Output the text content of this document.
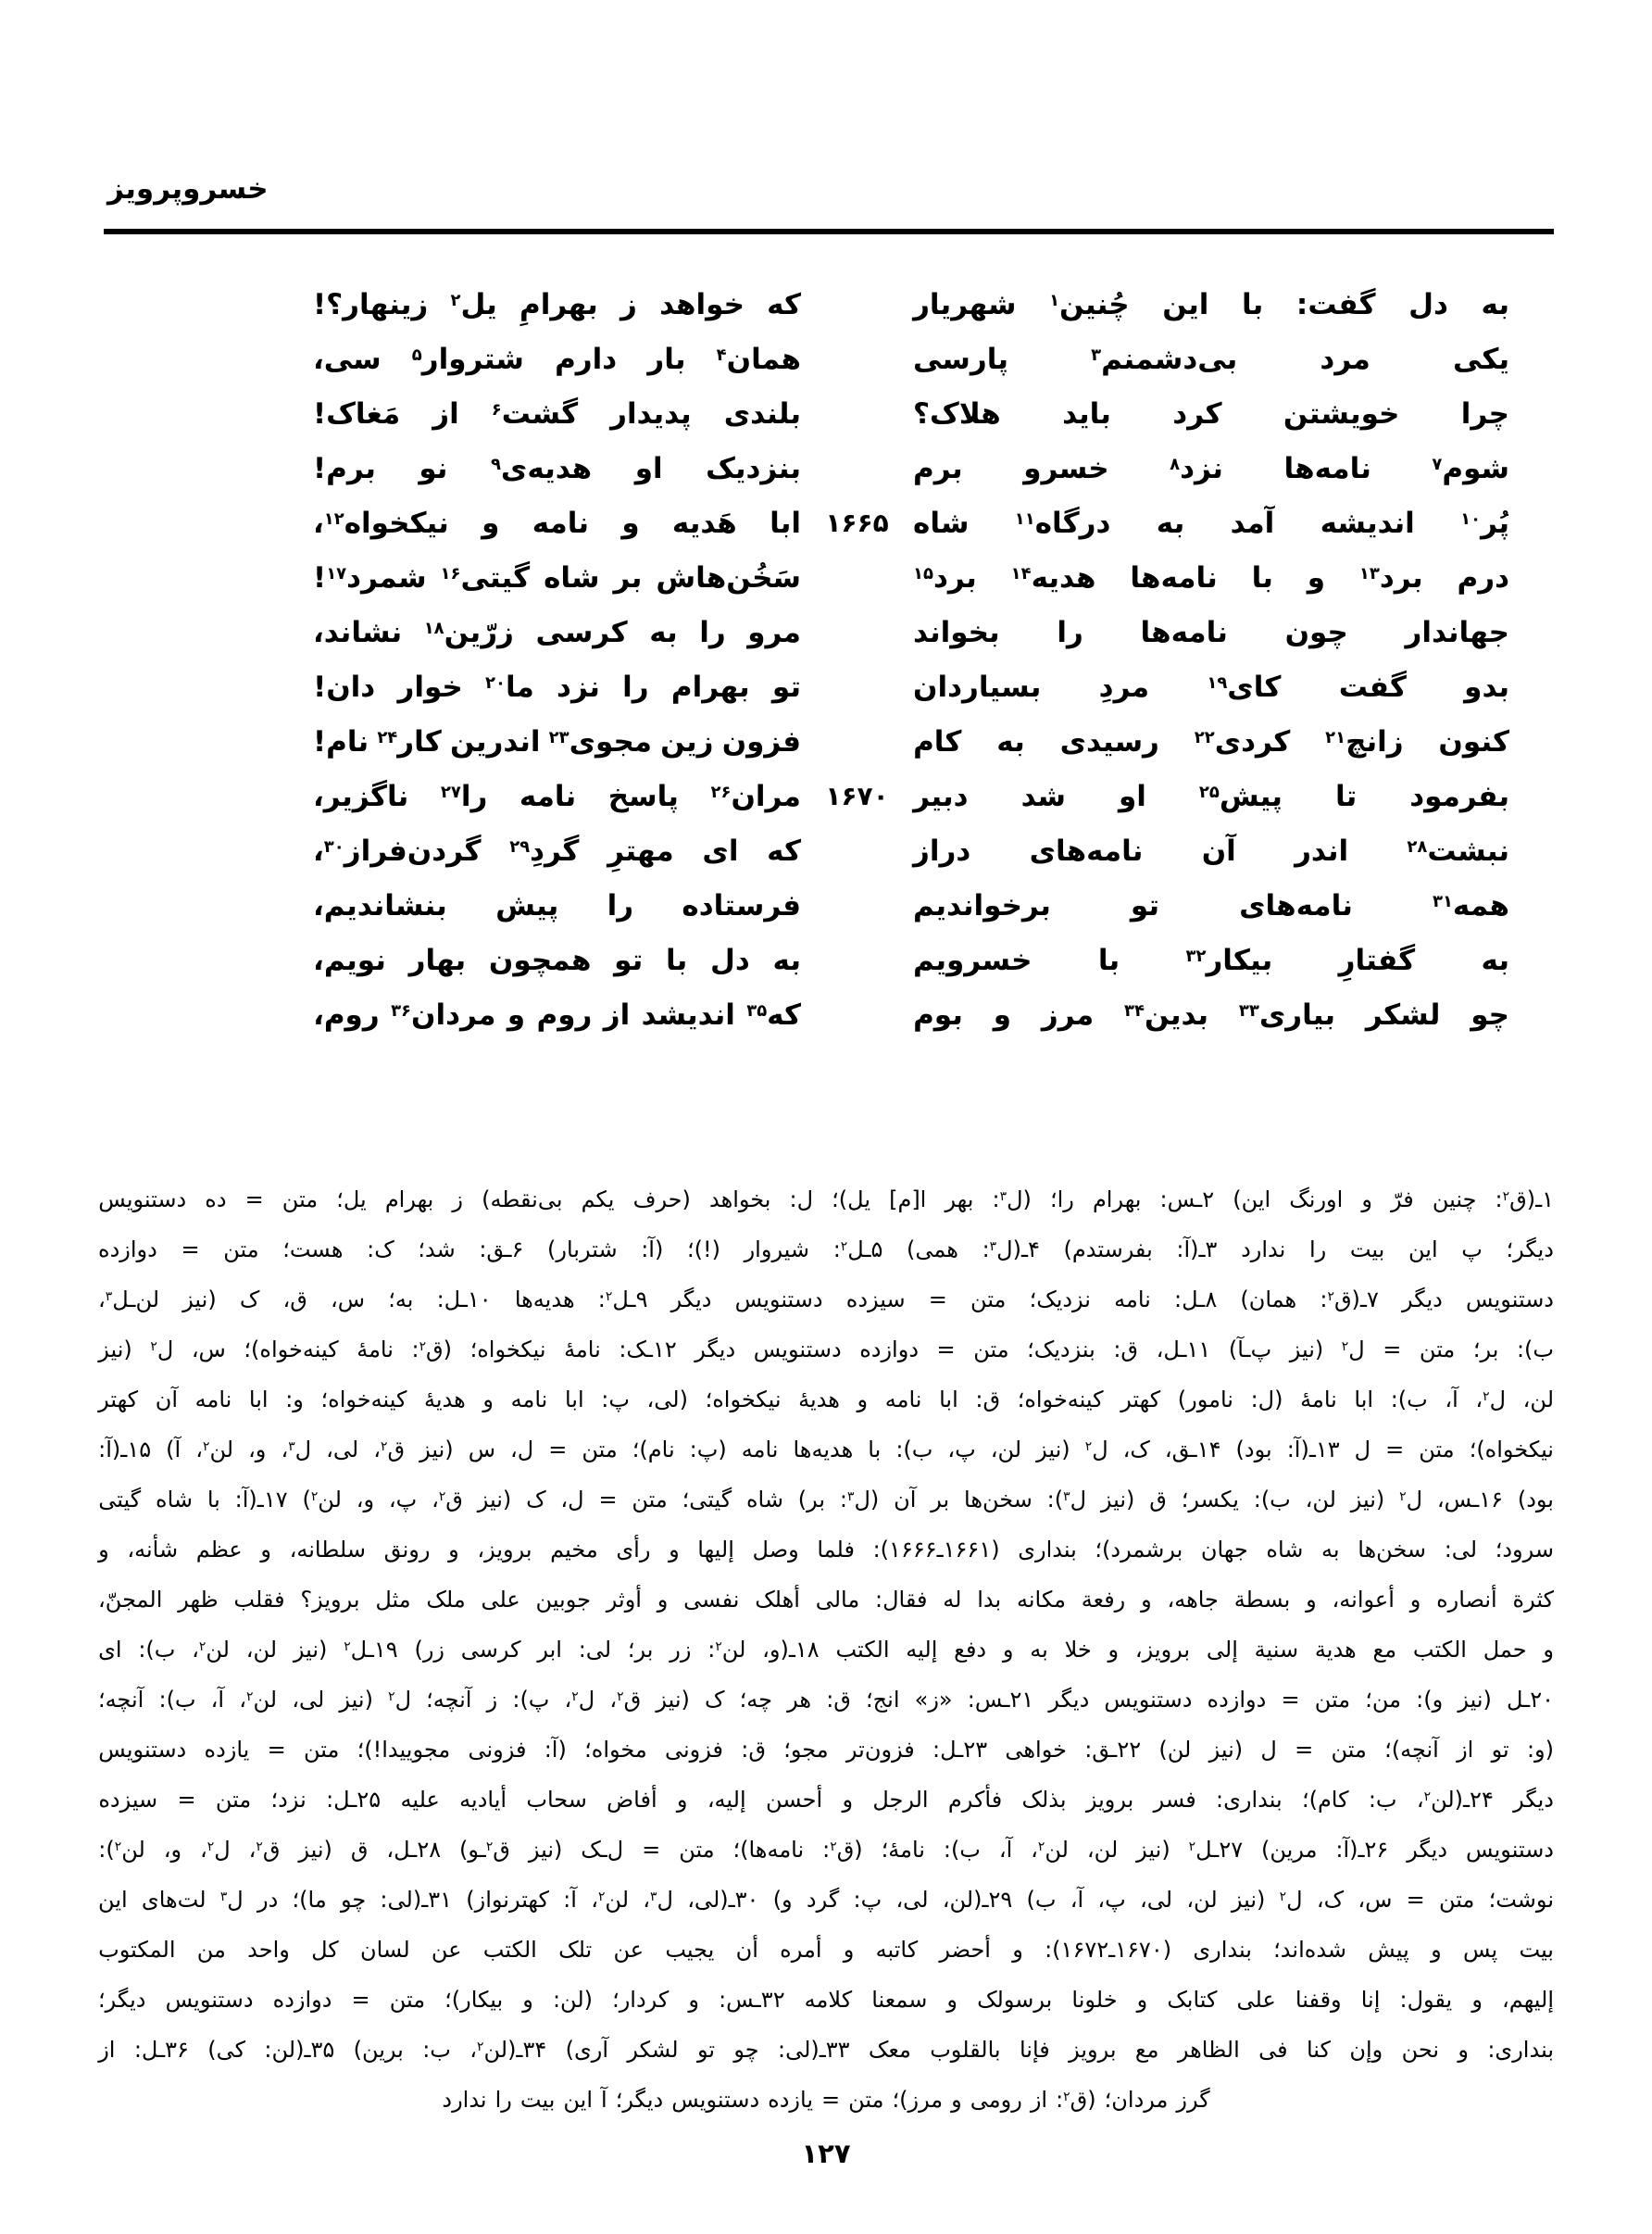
خسروپرویز
به
دل
گفت:
با
این
چُنین$^۱$
شهریار
که
خواهد
ز
بهرامِ
یل$^۲$
زینهار؟!
یکی
مرد
بی‌دشمنم$^۳$
پارسی
همان$^۴$
بار
دارم
شتروار$^۵$
سی،
چرا
خویشتن
کرد
باید
هلاک؟
بلندی
پدیدار
گشت$^۶$
از
مَغاک!
شوم$^۷$
نامه‌ها
نزد$^۸$
خسرو
برم
بنزدیک
او
هدیه‌ی$^۹$
نو
برم!
پُر$^{۱۰}$
اندیشه
آمد
به
درگاه$^{۱۱}$
شاه
۱۶۶۵
ابا
هَدیه
و
نامه
و
نیکخواه$^{۱۲}$،
درم
برد$^{۱۳}$
و
با
نامه‌ها
هدیه$^{۱۴}$
برد$^{۱۵}$
سَخُن‌هاش
بر
شاه
گیتی$^{۱۶}$
شمرد$^{۱۷}$!
جهاندار
چون
نامه‌ها
را
بخواند
مرو
را
به
کرسی
زرّین$^{۱۸}$
نشاند،
بدو
گفت
کای$^{۱۹}$
مردِ
بسیاردان
تو
بهرام
را
نزد
ما$^{۲۰}$
خوار
دان!
کنون
زانچ$^{۲۱}$
کردی$^{۲۲}$
رسیدی
به
کام
فزون
زین
مجوی$^{۲۳}$
اندرین
کار$^{۲۴}$
نام!
بفرمود
تا
پیش$^{۲۵}$
او
شد
دبیر
۱۶۷۰
مران$^{۲۶}$
پاسخ
نامه
را$^{۲۷}$
ناگزیر،
نبشت$^{۲۸}$
اندر
آن
نامه‌های
دراز
که
ای
مهترِ
گردِ$^{۲۹}$
گردن‌فراز$^{۳۰}$،
همه$^{۳۱}$
نامه‌های
تو
برخواندیم
فرستاده
را
پیش
بنشاندیم،
به
گفتارِ
بیکار$^{۳۲}$
با
خسرویم
به
دل
با
تو
همچون
بهار
نویم،
چو
لشکر
بیاری$^{۳۳}$
بدین$^{۳۴}$
مرز
و
بوم
که$^{۳۵}$
اندیشد
از
روم
و
مردان$^{۳۶}$
روم،
۱ـ(ق$^۲$:
چنین
فرّ
و
اورنگ
این)
۲ـس:
بهرام
را؛
(ل$^۳$:
بهر
ا[م]
یل)؛
ل:
بخواهد
(حرف
یکم
بی‌نقطه)
ز
بهرام
یل؛
متن
=
ده
دستنویس
دیگر؛
پ
این
بیت
را
ندارد
۳ـ(آ:
بفرستدم)
۴ـ(ل$^۳$:
همی)
۵ـل$^۲$:
شیروار
(!)؛
(آ:
شتربار)
۶ـق:
شد؛
ک:
هست؛
متن
=
دوازده
دستنویس
دیگر
۷ـ(ق$^۲$:
همان)
۸ـل:
نامه
نزدیک؛
متن
=
سیزده
دستنویس
دیگر
۹ـل$^۲$:
هدیه‌ها
۱۰ـل:
به؛
س،
ق،
ک
(نیز
لن‌ـل$^۳$،
ب):
بر؛
متن
=
ل$^۲$
(نیز
پ‌ـآ)
۱۱ـل،
ق:
بنزدیک؛
متن
=
دوازده
دستنویس
دیگر
۱۲ـک:
نامهٔ
نیکخواه؛
(ق$^۲$:
نامهٔ
کینه‌خواه)؛
س،
ل$^۲$
(نیز
لن،
ل$^۲$،
آ،
ب):
ابا
نامهٔ
(ل:
نامور)
کهتر
کینه‌خواه؛
ق:
ابا
نامه
و
هدیهٔ
نیکخواه؛
(لی،
پ:
ابا
نامه
و
هدیهٔ
کینه‌خواه؛
و:
ابا
نامه
آن
کهتر
نیکخواه)؛
متن
=
ل
۱۳ـ(آ:
بود)
۱۴ـق،
ک،
ل$^۲$
(نیز
لن،
پ،
ب):
با
هدیه‌ها
نامه
(پ:
نام)؛
متن
=
ل،
س
(نیز
ق$^۲$،
لی،
ل$^۳$،
و،
لن$^۲$،
آ)
۱۵ـ(آ:
بود)
۱۶ـس،
ل$^۲$
(نیز
لن،
ب):
یکسر؛
ق
(نیز
ل$^۳$):
سخن‌ها
بر
آن
(ل$^۳$:
بر)
شاه
گیتی؛
متن
=
ل،
ک
(نیز
ق$^۲$،
پ،
و،
لن$^۲$)
۱۷ـ(آ:
با
شاه
گیتی
سرود؛
لی:
سخن‌ها
به
شاه
جهان
برشمرد)؛
بنداری
(۱۶۶۱ـ۱۶۶۶):
فلما
وصل
إلیها
و
رأی
مخیم
برویز،
و
رونق
سلطانه،
و
عظم
شأنه،
و
کثرة
أنصاره
و
أعوانه،
و
بسطة
جاهه،
و
رفعة
مکانه
بدا
له
فقال:
مالی
أهلک
نفسی
و
أوثر
جوبین
علی
ملک
مثل
برویز؟
فقلب
ظهر
المجنّ،
و
حمل
الکتب
مع
هدیة
سنیة
إلی
برویز،
و
خلا
به
و
دفع
إلیه
الکتب
۱۸ـ(و،
لن$^۲$:
زر
بر؛
لی:
ابر
کرسی
زر)
۱۹ـل$^۲$
(نیز
لن،
لن$^۲$،
ب):
ای
۲۰ـل
(نیز
و):
من؛
متن
=
دوازده
دستنویس
دیگر
۲۱ـس:
«ز»
انج؛
ق:
هر
چه؛
ک
(نیز
ق$^۲$،
ل$^۲$،
پ):
ز
آنچه؛
ل$^۲$
(نیز
لی،
لن$^۲$،
آ،
ب):
آنچه؛
(و:
تو
از
آنچه)؛
متن
=
ل
(نیز
لن)
۲۲ـق:
خواهی
۲۳ـل:
فزون‌تر
مجو؛
ق:
فزونی
مخواه؛
(آ:
فزونی
مجوییدا!)؛
متن
=
یازده
دستنویس
دیگر
۲۴ـ(لن$^۲$،
ب:
کام)؛
بنداری:
فسر
برویز
بذلک
فأکرم
الرجل
و
أحسن
إلیه،
و
أفاض
سحاب
أیادیه
علیه
۲۵ـل:
نزد؛
متن
=
سیزده
دستنویس
دیگر
۲۶ـ(آ:
مرین)
۲۷ـل$^۲$
(نیز
لن،
لن$^۲$،
آ،
ب):
نامهٔ؛
(ق$^۲$:
نامه‌ها)؛
متن
=
ل‌ـک
(نیز
ق$^۲$ـو)
۲۸ـل،
ق
(نیز
ق$^۲$،
ل$^۲$،
و،
لن$^۲$):
نوشت؛
متن
=
س،
ک،
ل$^۲$
(نیز
لن،
لی،
پ،
آ،
ب)
۲۹ـ(لن،
لی،
پ:
گرد
و)
۳۰ـ(لی،
ل$^۳$،
لن$^۲$،
آ:
کهترنواز)
۳۱ـ(لی:
چو
ما)؛
در
ل$^۳$
لت‌های
این
بیت
پس
و
پیش
شده‌اند؛
بنداری
(۱۶۷۰ـ۱۶۷۲):
و
أحضر
کاتبه
و
أمره
أن
یجیب
عن
تلک
الکتب
عن
لسان
کل
واحد
من
المکتوب
إلیهم،
و
یقول:
إنا
وقفنا
علی
کتابک
و
خلونا
برسولک
و
سمعنا
کلامه
۳۲ـس:
و
کردار؛
(لن:
و
بیکار)؛
متن
=
دوازده
دستنویس
دیگر؛
بنداری:
و
نحن
وإن
کنا
فی
الظاهر
مع
برویز
فإنا
بالقلوب
معک
۳۳ـ(لی:
چو
تو
لشکر
آری)
۳۴ـ(لن$^۲$،
ب:
برین)
۳۵ـ(لن:
کی)
۳۶ـل:
از
گرز
مردان؛
(ق$^۲$:
از
رومی
و
مرز)؛
متن
=
یازده
دستنویس
دیگر؛
آ
این
بیت
را
ندارد
۱۲۷
